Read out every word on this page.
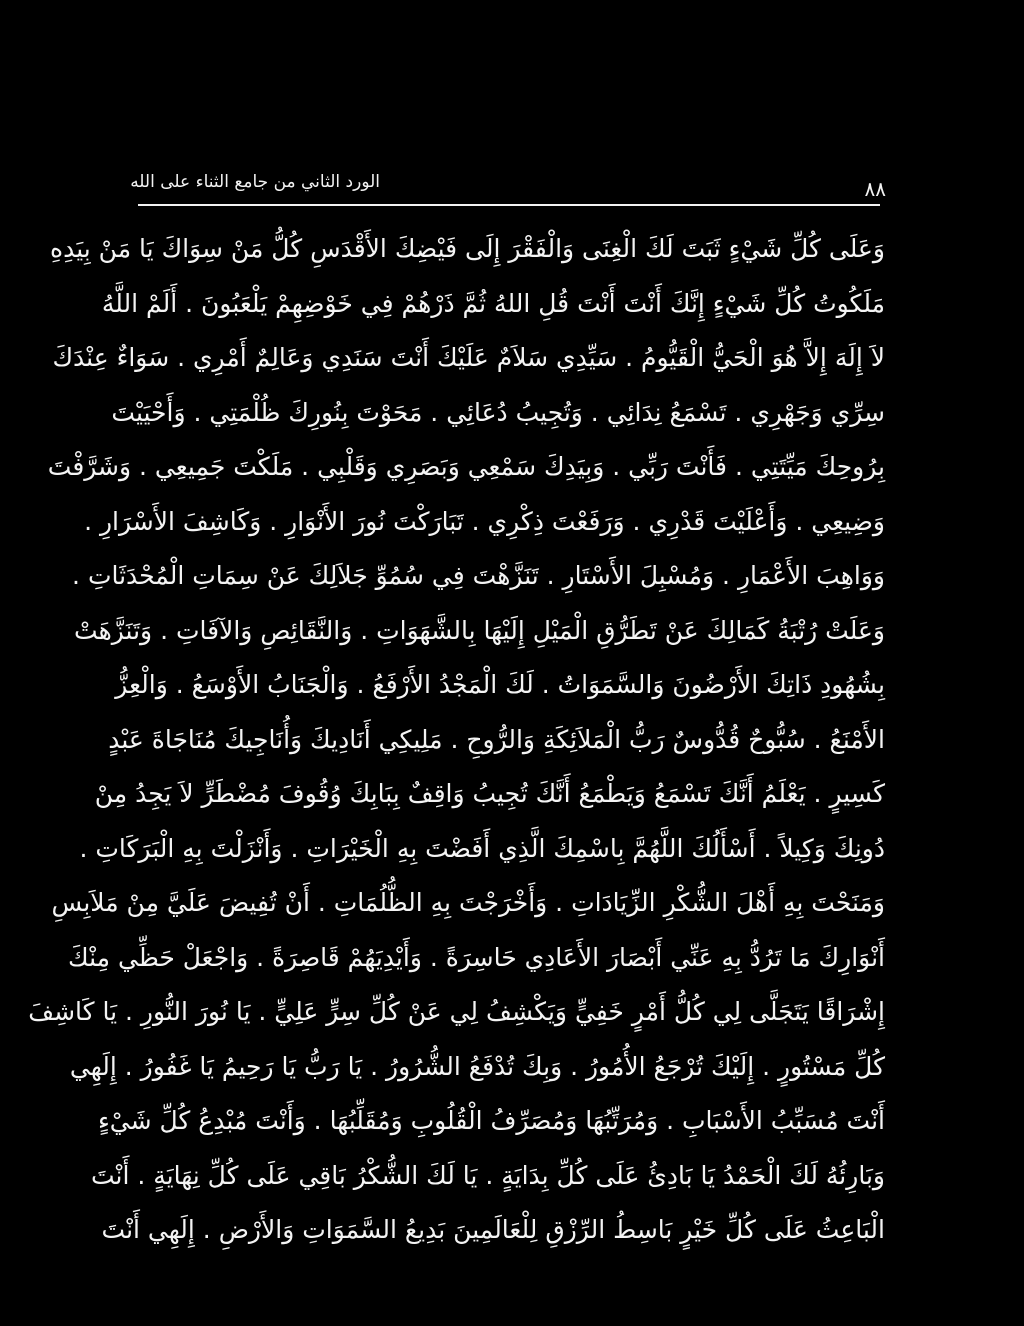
الورد الثاني من جامع الثناء على الله	٨٨
وَعَلَى كُلِّ شَيْءٍ ثَبَتَ لَكَ الْغِنَى وَالْفَقْرَ إِلَى فَيْضِكَ الأَقْدَسِ كُلُّ مَنْ سِوَاكَ يَا مَنْ بِيَدِهِ
مَلَكُوتُ كُلِّ شَيْءٍ إِنَّكَ أَنْتَ أَنْتَ قُلِ اللهُ ثُمَّ ذَرْهُمْ فِي خَوْضِهِمْ يَلْعَبُونَ . أَلَمْ اللَّهُ
لاَ إِلَهَ إِلاَّ هُوَ الْحَيُّ الْقَيُّومُ . سَيِّدِي سَلاَمٌ عَلَيْكَ أَنْتَ سَنَدِي وَعَالِمٌ أَمْرِي . سَوَاءٌ عِنْدَكَ
سِرِّي وَجَهْرِي . تَسْمَعُ نِدَائِي . وَتُجِيبُ دُعَائِي . مَحَوْتَ بِنُورِكَ ظُلْمَتِي . وَأَحْيَيْتَ
بِرُوحِكَ مَيِّتَتِي . فَأَنْتَ رَبِّي . وَبِيَدِكَ سَمْعِي وَبَصَرِي وَقَلْبِي . مَلَكْتَ جَمِيعِي . وَشَرَّفْتَ
وَضِيعِي . وَأَعْلَيْتَ قَدْرِي . وَرَفَعْتَ ذِكْرِي . تَبَارَكْتَ نُورَ الأَنْوَارِ . وَكَاشِفَ الأَسْرَارِ .
وَوَاهِبَ الأَعْمَارِ . وَمُسْبِلَ الأَسْتَارِ . تَنَزَّهْتَ فِي سُمُوِّ جَلاَلِكَ عَنْ سِمَاتِ الْمُحْدَثَاتِ .
وَعَلَتْ رُتْبَةُ كَمَالِكَ عَنْ تَطَرُّقِ الْمَيْلِ إِلَيْهَا بِالشَّهَوَاتِ . وَالنَّقَائِصِ وَالآفَاتِ . وَتَنَزَّهَتْ
بِشُهُودِ ذَاتِكَ الأَرْضُونَ وَالسَّمَوَاتُ . لَكَ الْمَجْدُ الأَرْفَعُ . وَالْجَنَابُ الأَوْسَعُ . وَالْعِزُّ
الأَمْنَعُ . سُبُّوحٌ قُدُّوسٌ رَبُّ الْمَلاَئِكَةِ وَالرُّوحِ . مَلِيكِي أَنَادِيكَ وَأُنَاجِيكَ مُنَاجَاةَ عَبْدٍ
كَسِيرٍ . يَعْلَمُ أَنَّكَ تَسْمَعُ وَيَطْمَعُ أَنَّكَ تُجِيبُ وَاقِفٌ بِبَابِكَ وُقُوفَ مُضْطَرٍّ لاَ يَجِدُ مِنْ
دُونِكَ وَكِيلاً . أَسْأَلُكَ اللَّهُمَّ بِاسْمِكَ الَّذِي أَفَضْتَ بِهِ الْخَيْرَاتِ . وَأَنْزَلْتَ بِهِ الْبَرَكَاتِ .
وَمَنَحْتَ بِهِ أَهْلَ الشُّكْرِ الزِّيَادَاتِ . وَأَخْرَجْتَ بِهِ الظُّلُمَاتِ . أَنْ تُفِيضَ عَلَيَّ مِنْ مَلاَبِسِ
أَنْوَارِكَ مَا تَرُدُّ بِهِ عَنِّي أَبْصَارَ الأَعَادِي حَاسِرَةً . وَأَيْدِيَهُمْ قَاصِرَةً . وَاجْعَلْ حَظِّي مِنْكَ
إِشْرَاقًا يَتَجَلَّى لِي كُلُّ أَمْرٍ خَفِيٍّ وَيَكْشِفُ لِي عَنْ كُلِّ سِرٍّ عَلِيٍّ . يَا نُورَ النُّورِ . يَا كَاشِفَ
كُلِّ مَسْتُورٍ . إِلَيْكَ تُرْجَعُ الأُمُورُ . وَبِكَ تُدْفَعُ الشُّرُورُ . يَا رَبُّ يَا رَحِيمُ يَا غَفُورُ . إِلَهِي
أَنْتَ مُسَبِّبُ الأَسْبَابِ . وَمُرَتِّبُهَا وَمُصَرِّفُ الْقُلُوبِ وَمُقَلِّبُهَا . وَأَنْتَ مُبْدِعُ كُلِّ شَيْءٍ
وَبَارِئُهُ لَكَ الْحَمْدُ يَا بَادِئُ عَلَى كُلِّ بِدَايَةٍ . يَا لَكَ الشُّكْرُ بَاقِي عَلَى كُلِّ نِهَايَةٍ . أَنْتَ
الْبَاعِثُ عَلَى كُلِّ خَيْرٍ بَاسِطُ الرِّزْقِ لِلْعَالَمِينَ بَدِيعُ السَّمَوَاتِ وَالأَرْضِ . إِلَهِي أَنْتَ
